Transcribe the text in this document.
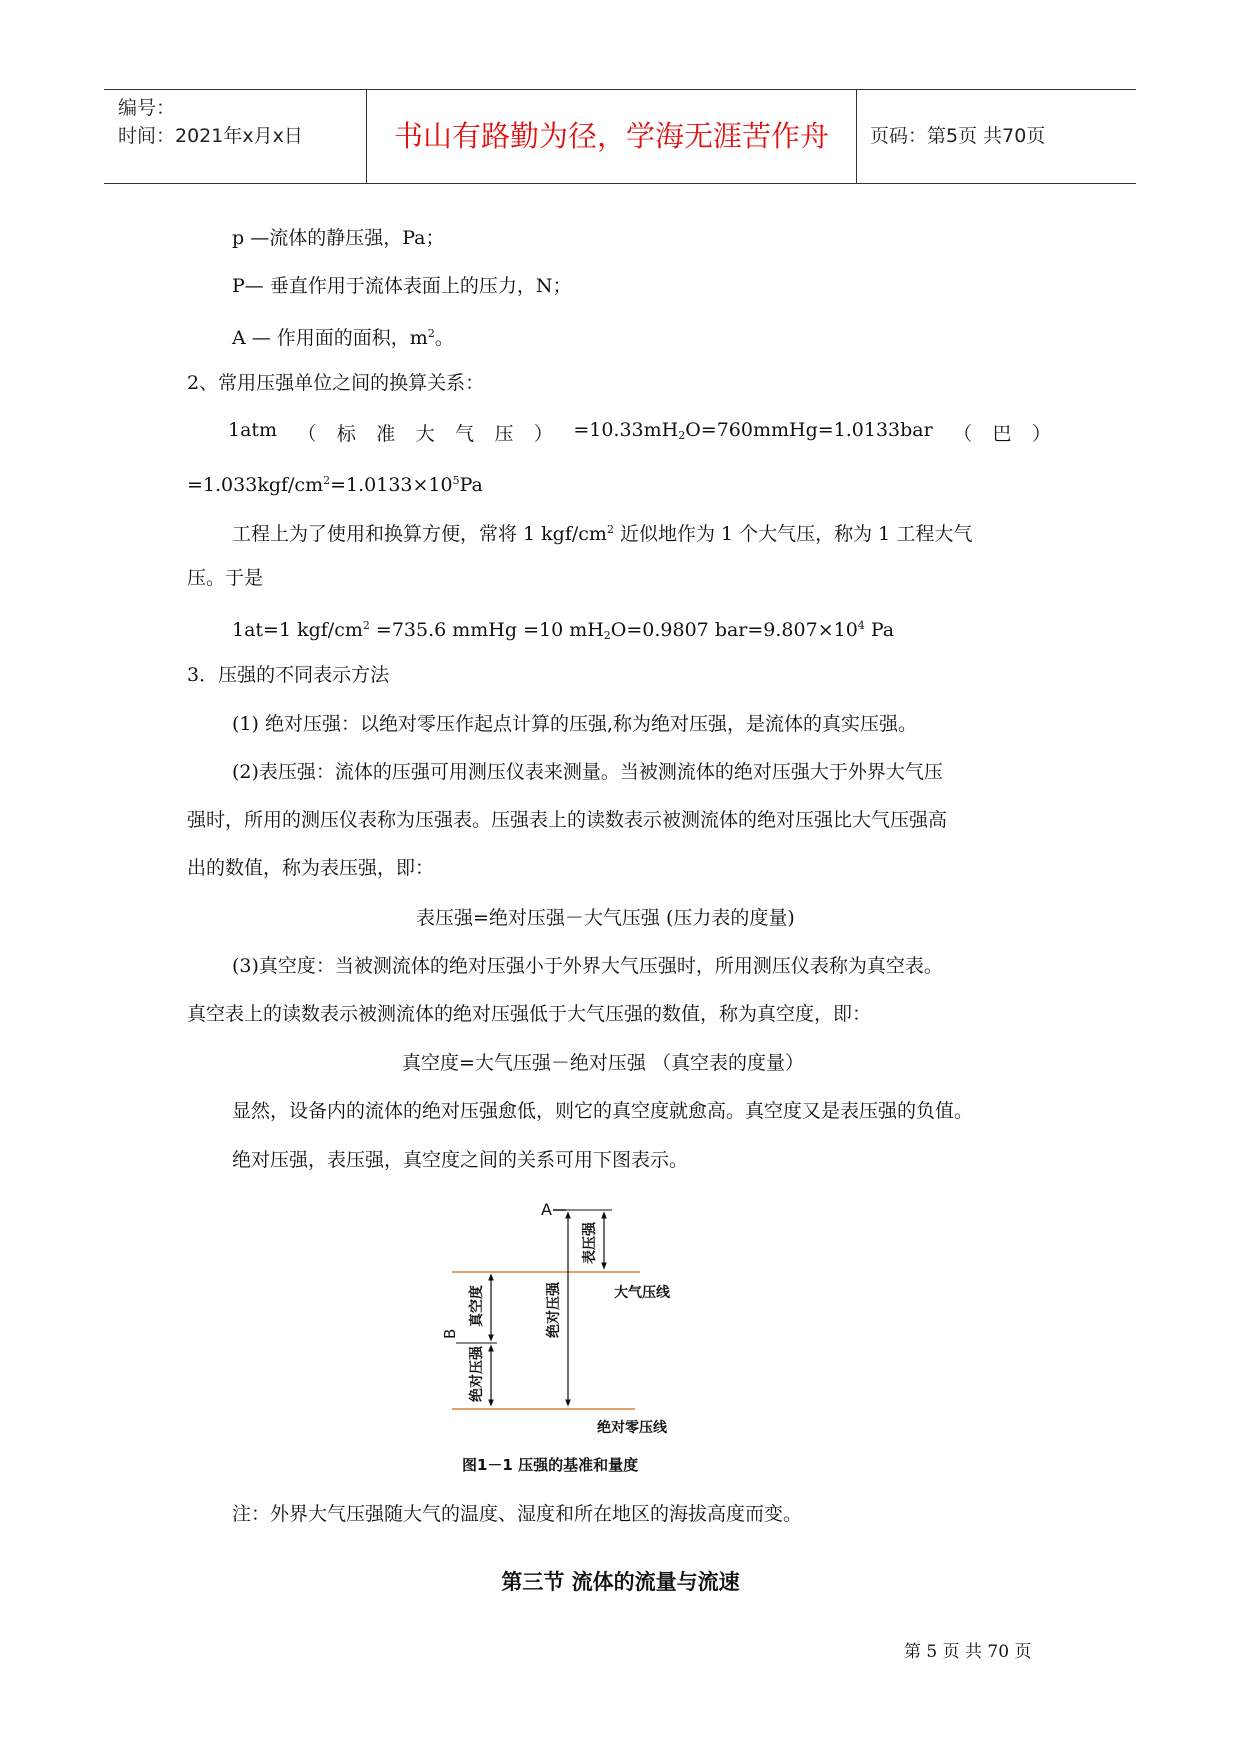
编号：
时间：2021年x月x日	书山有路勤为径，学海无涯苦作舟	页码：第5页 共70页
p —流体的静压强，Pa；
P— 垂直作用于流体表面上的压力，N；
A — 作用面的面积，$m^2$。
2、常用压强单位之间的换算关系：
1atm （ 标 准 大 气 压 ） $=10.33mH_2O=760mmHg=1.0133bar$ （ 巴 ）
$=1.033kgf/cm^2=1.0133\times 10^5Pa$
工程上为了使用和换算方便，常将 1 kgf/$cm^2$ 近似地作为 1 个大气压，称为 1 工程大气
压。于是
1at=1 kgf/$cm^2 =735.6$ mmHg =10 $mH_2O=0.9807$ $bar=9.807\times 10^4$ Pa
3．压强的不同表示方法
(1) 绝对压强：以绝对零压作起点计算的压强,称为绝对压强，是流体的真实压强。
(2)表压强：流体的压强可用测压仪表来测量。当被测流体的绝对压强大于外界大气压
强时，所用的测压仪表称为压强表。压强表上的读数表示被测流体的绝对压强比大气压强高
出的数值，称为表压强，即：
表压强=绝对压强－大气压强 (压力表的度量)
(3)真空度：当被测流体的绝对压强小于外界大气压强时，所用测压仪表称为真空表。
真空表上的读数表示被测流体的绝对压强低于大气压强的数值，称为真空度，即：
真空度=大气压强－绝对压强 （真空表的度量）
显然，设备内的流体的绝对压强愈低，则它的真空度就愈高。真空度又是表压强的负值。
绝对压强，表压强，真空度之间的关系可用下图表示。
A
表压强
绝对压强	大气压线
B
真空度
绝对压强
绝对零压线
图1－1 压强的基准和量度
注：外界大气压强随大气的温度、湿度和所在地区的海拔高度而变。
第三节 流体的流量与流速
第 5 页 共 70 页
